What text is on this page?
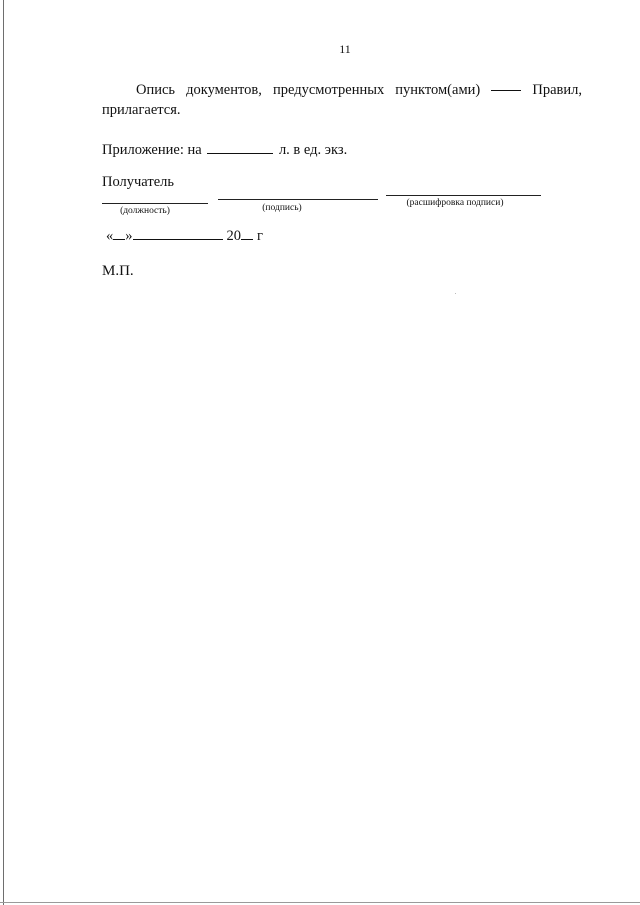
11
Опись документов, предусмотренных пунктом(ами)	Правил,
прилагается.
Приложение: на	л. в ед. экз.
Получатель
(должность)	(подпись)	(расшифровка подписи)
« »	20 г
М.П.
